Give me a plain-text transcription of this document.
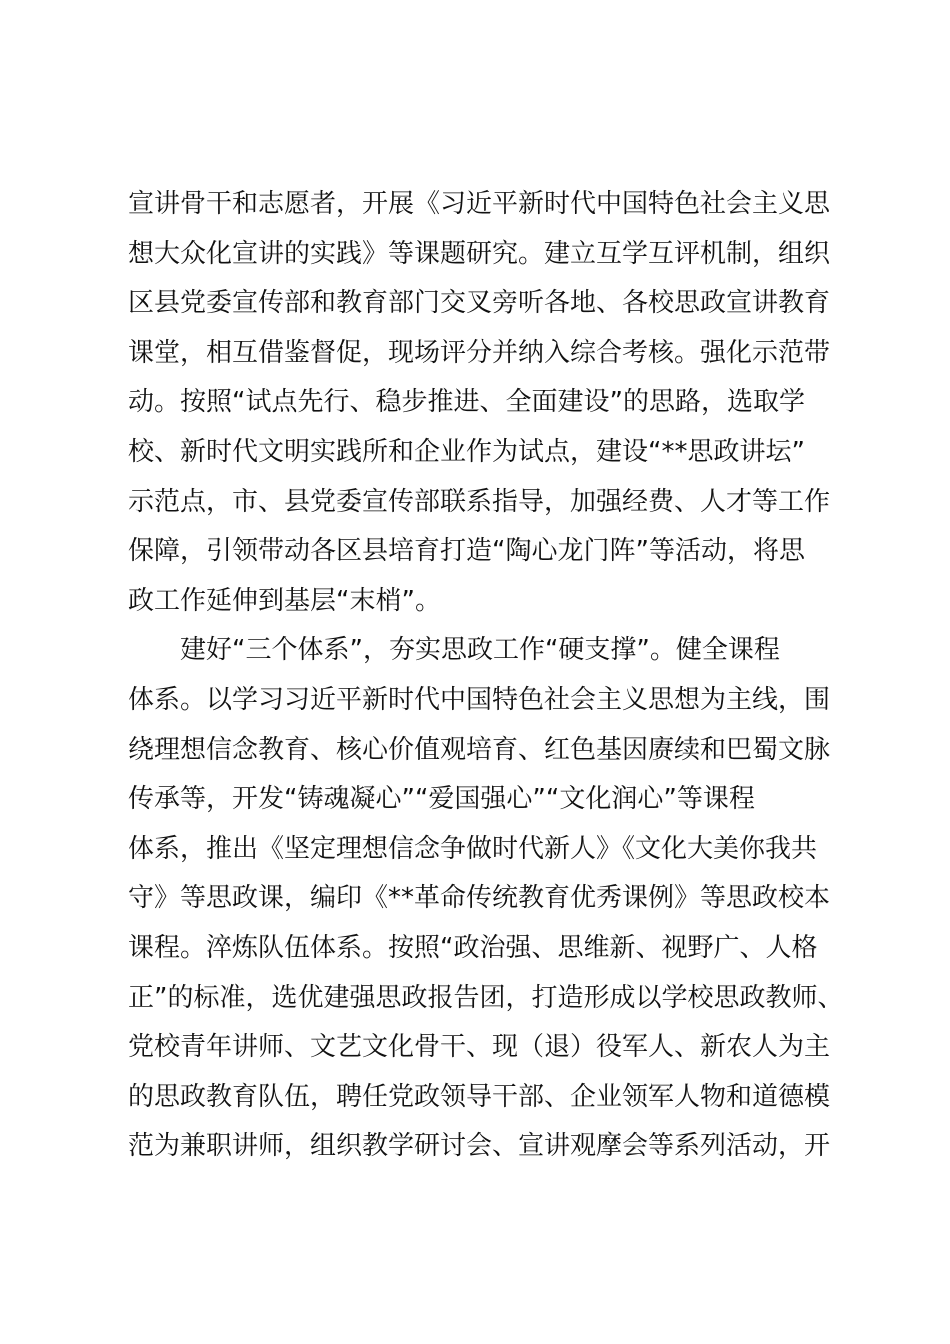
宣讲骨干和志愿者，开展《习近平新时代中国特色社会主义思
想大众化宣讲的实践》等课题研究。建立互学互评机制，组织
区县党委宣传部和教育部门交叉旁听各地、各校思政宣讲教育
课堂，相互借鉴督促，现场评分并纳入综合考核。强化示范带
动。按照“试点先行、稳步推进、全面建设”的思路，选取学
校、新时代文明实践所和企业作为试点，建设“**思政讲坛”
示范点，市、县党委宣传部联系指导，加强经费、人才等工作
保障，引领带动各区县培育打造“陶心龙门阵”等活动，将思
政工作延伸到基层“末梢”。
建好“三个体系”，夯实思政工作“硬支撑”。健全课程
体系。以学习习近平新时代中国特色社会主义思想为主线，围
绕理想信念教育、核心价值观培育、红色基因赓续和巴蜀文脉
传承等，开发“铸魂凝心”“爱国强心”“文化润心”等课程
体系，推出《坚定理想信念争做时代新人》《文化大美你我共
守》等思政课，编印《**革命传统教育优秀课例》等思政校本
课程。淬炼队伍体系。按照“政治强、思维新、视野广、人格
正”的标准，选优建强思政报告团，打造形成以学校思政教师、
党校青年讲师、文艺文化骨干、现（退）役军人、新农人为主
的思政教育队伍，聘任党政领导干部、企业领军人物和道德模
范为兼职讲师，组织教学研讨会、宣讲观摩会等系列活动，开
